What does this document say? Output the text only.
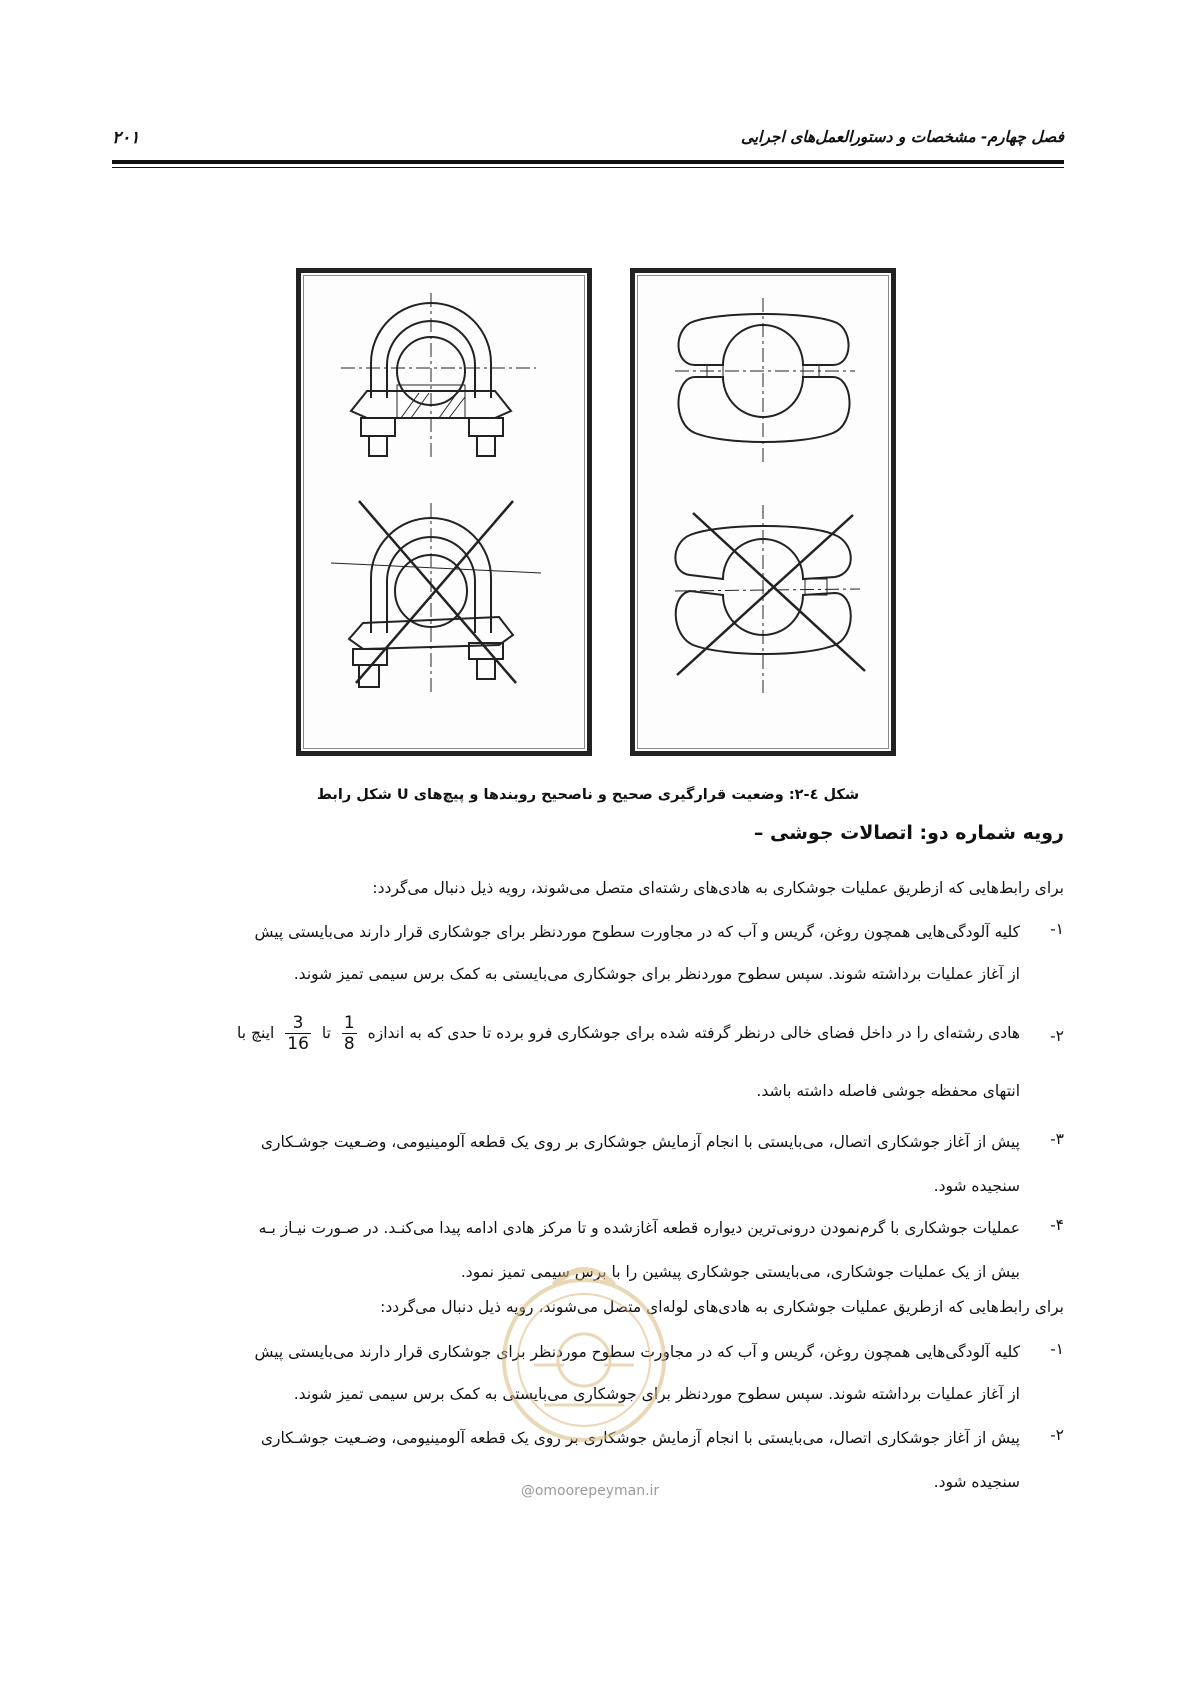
فصل چهارم- مشخصات و دستورالعمل‌های اجرایی
۲۰۱
شکل ٤-٢: وضعیت قرارگیری صحیح و ناصحیح روبندها و پیچ‌های U شکل رابط
رویه شماره دو: اتصالات جوشی –
برای رابط‌هایی که ازطریق عملیات جوشکاری به هادی‌های رشته‌ای متصل می‌شوند، رویه ذیل دنبال می‌گردد:
١-
کلیه آلودگی‌هایی همچون روغن، گریس و آب که در مجاورت سطوح موردنظر برای جوشکاری قرار دارند می‌بایستی پیش
از آغاز عملیات برداشته شوند. سپس سطوح موردنظر برای جوشکاری می‌بایستی به کمک برس سیمی تمیز شوند.
٢-
هادی رشته‌ای را در داخل فضای خالی درنظر گرفته شده برای جوشکاری فرو برده تا حدی که به اندازه
$\frac{1}{8}$
تا
$\frac{3}{16}$
اینچ با
انتهای محفظه جوشی فاصله داشته باشد.
٣-
پیش از آغاز جوشکاری اتصال، می‌بایستی با انجام آزمایش جوشکاری بر روی یک قطعه آلومینیومی، وضـعیت جوشـکاری
سنجیده شود.
۴-
عملیات جوشکاری با گرم‌نمودن درونی‌ترین دیواره قطعه آغازشده و تا مرکز هادی ادامه پیدا می‌کنـد. در صـورت نیـاز بـه
بیش از یک عملیات جوشکاری، می‌بایستی جوشکاری پیشین را با برس سیمی تمیز نمود.
برای رابط‌هایی که ازطریق عملیات جوشکاری به هادی‌های لوله‌ای متصل می‌شوند، رویه ذیل دنبال می‌گردد:
١-
کلیه آلودگی‌هایی همچون روغن، گریس و آب که در مجاورت سطوح موردنظر برای جوشکاری قرار دارند می‌بایستی پیش
از آغاز عملیات برداشته شوند. سپس سطوح موردنظر برای جوشکاری می‌بایستی به کمک برس سیمی تمیز شوند.
٢-
پیش از آغاز جوشکاری اتصال، می‌بایستی با انجام آزمایش جوشکاری بر روی یک قطعه آلومینیومی، وضـعیت جوشـکاری
سنجیده شود.
@omoorepeyman.ir
